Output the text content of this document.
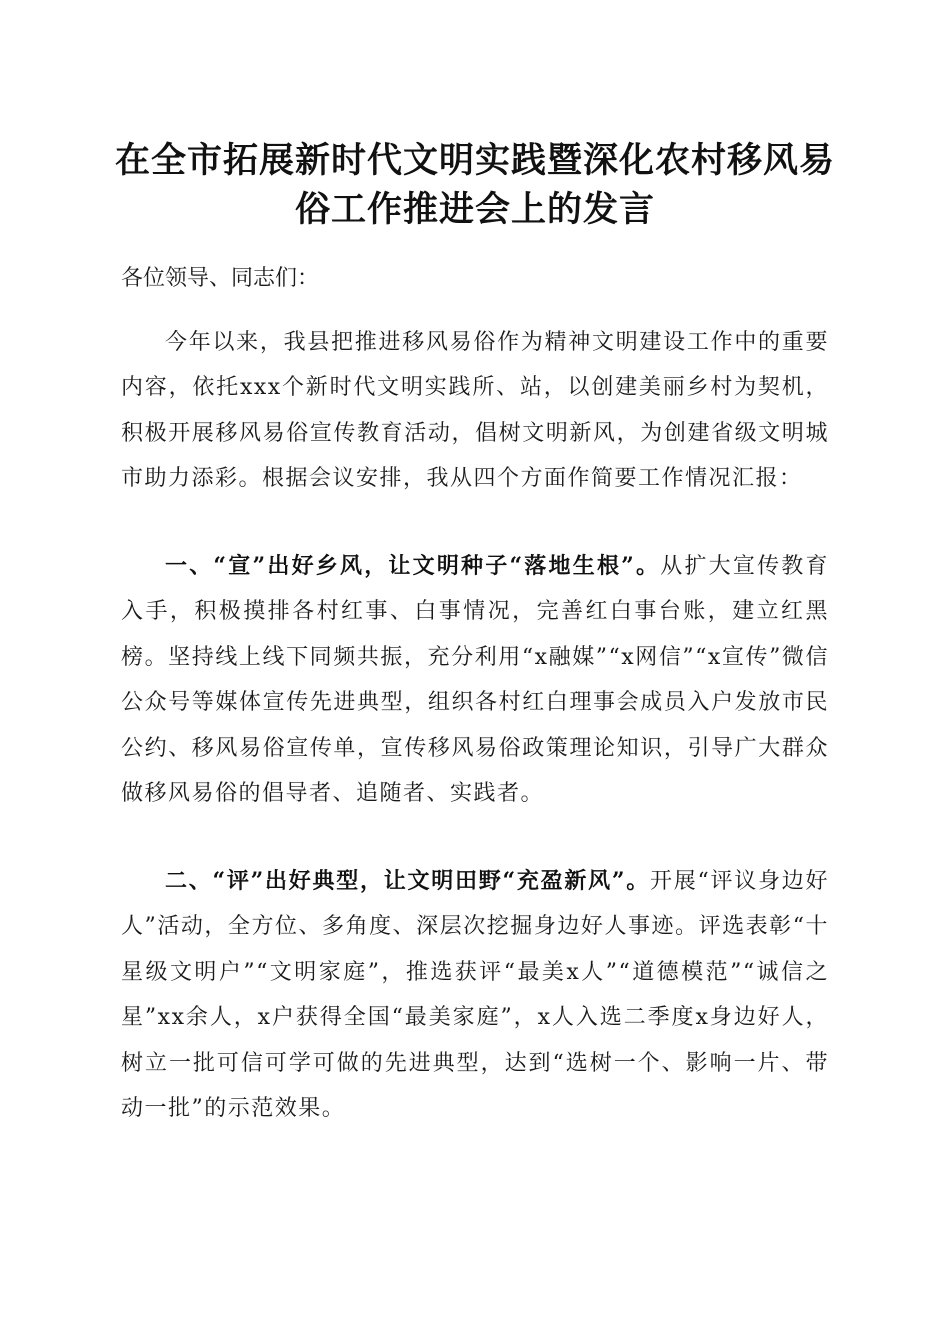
在全市拓展新时代文明实践暨深化农村移风易俗工作推进会上的发言

各位领导、同志们：

今年以来，我县把推进移风易俗作为精神文明建设工作中的重要内容，依托xxx个新时代文明实践所、站，以创建美丽乡村为契机，积极开展移风易俗宣传教育活动，倡树文明新风，为创建省级文明城市助力添彩。根据会议安排，我从四个方面作简要工作情况汇报：

一、“宣”出好乡风，让文明种子“落地生根”。从扩大宣传教育入手，积极摸排各村红事、白事情况，完善红白事台账，建立红黑榜。坚持线上线下同频共振，充分利用“x融媒”“x网信”“x宣传”微信公众号等媒体宣传先进典型，组织各村红白理事会成员入户发放市民公约、移风易俗宣传单，宣传移风易俗政策理论知识，引导广大群众做移风易俗的倡导者、追随者、实践者。

二、“评”出好典型，让文明田野“充盈新风”。开展“评议身边好人”活动，全方位、多角度、深层次挖掘身边好人事迹。评选表彰“十星级文明户”“文明家庭”，推选获评“最美x人”“道德模范”“诚信之星”xx余人，x户获得全国“最美家庭”，x人入选二季度x身边好人，树立一批可信可学可做的先进典型，达到“选树一个、影响一片、带动一批”的示范效果。
